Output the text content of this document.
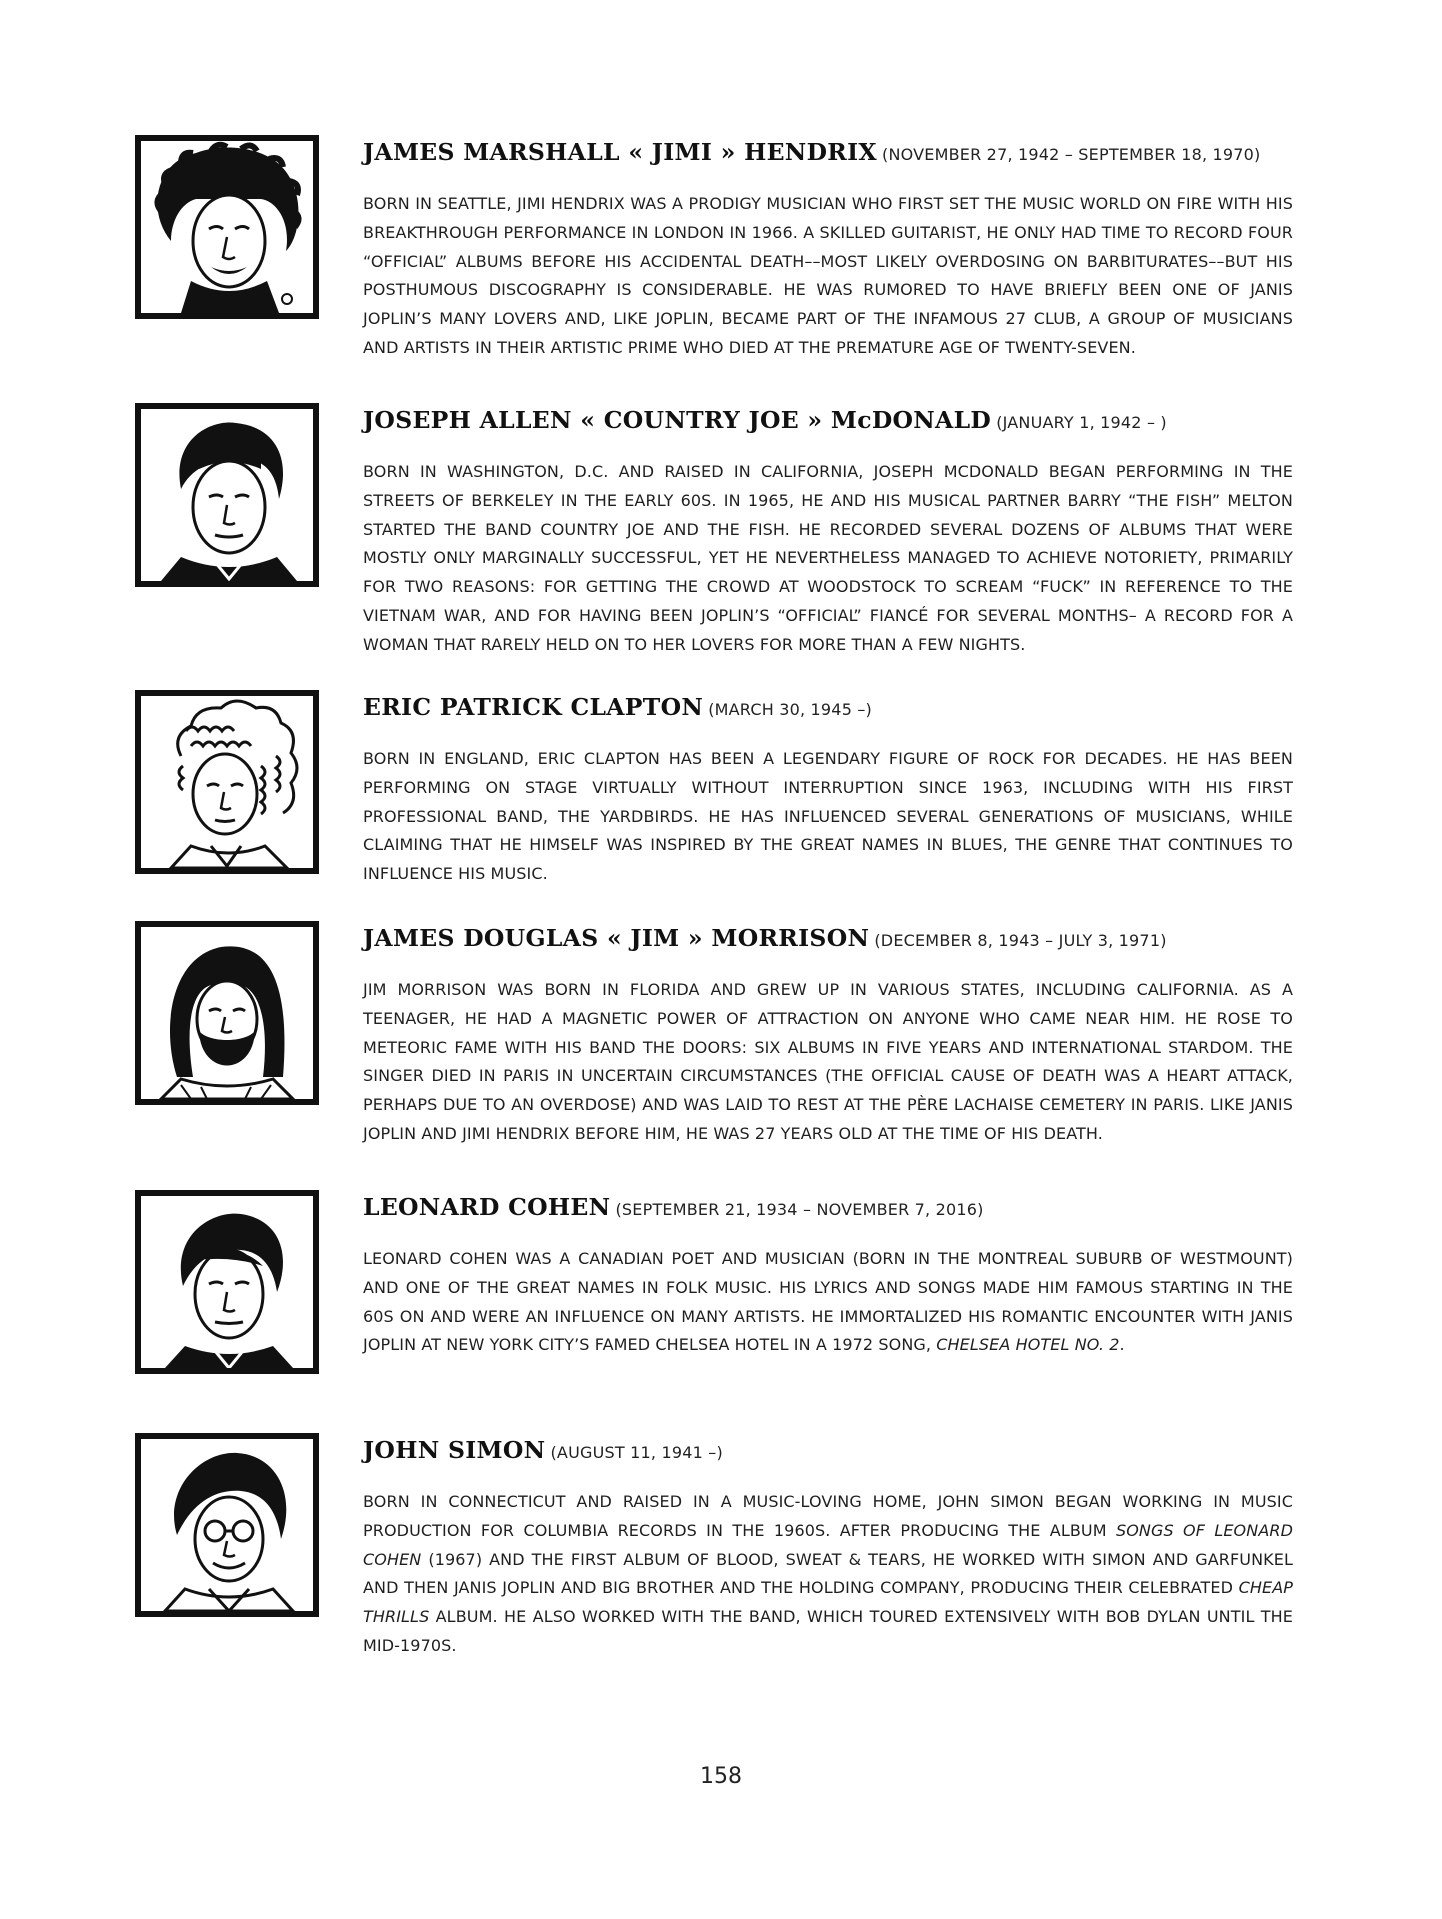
JAMES MARSHALL « JIMI » HENDRIX (NOVEMBER 27, 1942 – SEPTEMBER 18, 1970)

BORN IN SEATTLE, JIMI HENDRIX WAS A PRODIGY MUSICIAN WHO FIRST SET THE MUSIC WORLD ON FIRE WITH HIS BREAKTHROUGH PERFORMANCE IN LONDON IN 1966. A SKILLED GUITARIST, HE ONLY HAD TIME TO RECORD FOUR “OFFICIAL” ALBUMS BEFORE HIS ACCIDENTAL DEATH––MOST LIKELY OVERDOSING ON BARBITURATES––BUT HIS POSTHUMOUS DISCOGRAPHY IS CONSIDERABLE. HE WAS RUMORED TO HAVE BRIEFLY BEEN ONE OF JANIS JOPLIN’S MANY LOVERS AND, LIKE JOPLIN, BECAME PART OF THE INFAMOUS 27 CLUB, A GROUP OF MUSICIANS AND ARTISTS IN THEIR ARTISTIC PRIME WHO DIED AT THE PREMATURE AGE OF TWENTY-SEVEN.

JOSEPH ALLEN « COUNTRY JOE » McDONALD (JANUARY 1, 1942 – )

BORN IN WASHINGTON, D.C. AND RAISED IN CALIFORNIA, JOSEPH MCDONALD BEGAN PERFORMING IN THE STREETS OF BERKELEY IN THE EARLY 60S. IN 1965, HE AND HIS MUSICAL PARTNER BARRY “THE FISH” MELTON STARTED THE BAND COUNTRY JOE AND THE FISH. HE RECORDED SEVERAL DOZENS OF ALBUMS THAT WERE MOSTLY ONLY MARGINALLY SUCCESSFUL, YET HE NEVERTHELESS MANAGED TO ACHIEVE NOTORIETY, PRIMARILY FOR TWO REASONS: FOR GETTING THE CROWD AT WOODSTOCK TO SCREAM “FUCK” IN REFERENCE TO THE VIETNAM WAR, AND FOR HAVING BEEN JOPLIN’S “OFFICIAL” FIANCÉ FOR SEVERAL MONTHS– A RECORD FOR A WOMAN THAT RARELY HELD ON TO HER LOVERS FOR MORE THAN A FEW NIGHTS.

ERIC PATRICK CLAPTON (MARCH 30, 1945 –)

BORN IN ENGLAND, ERIC CLAPTON HAS BEEN A LEGENDARY FIGURE OF ROCK FOR DECADES. HE HAS BEEN PERFORMING ON STAGE VIRTUALLY WITHOUT INTERRUPTION SINCE 1963, INCLUDING WITH HIS FIRST PROFESSIONAL BAND, THE YARDBIRDS. HE HAS INFLUENCED SEVERAL GENERATIONS OF MUSICIANS, WHILE CLAIMING THAT HE HIMSELF WAS INSPIRED BY THE GREAT NAMES IN BLUES, THE GENRE THAT CONTINUES TO INFLUENCE HIS MUSIC.

JAMES DOUGLAS « JIM » MORRISON (DECEMBER 8, 1943 – JULY 3, 1971)

JIM MORRISON WAS BORN IN FLORIDA AND GREW UP IN VARIOUS STATES, INCLUDING CALIFORNIA. AS A TEENAGER, HE HAD A MAGNETIC POWER OF ATTRACTION ON ANYONE WHO CAME NEAR HIM. HE ROSE TO METEORIC FAME WITH HIS BAND THE DOORS: SIX ALBUMS IN FIVE YEARS AND INTERNATIONAL STARDOM. THE SINGER DIED IN PARIS IN UNCERTAIN CIRCUMSTANCES (THE OFFICIAL CAUSE OF DEATH WAS A HEART ATTACK, PERHAPS DUE TO AN OVERDOSE) AND WAS LAID TO REST AT THE PÈRE LACHAISE CEMETERY IN PARIS. LIKE JANIS JOPLIN AND JIMI HENDRIX BEFORE HIM, HE WAS 27 YEARS OLD AT THE TIME OF HIS DEATH.

LEONARD COHEN (SEPTEMBER 21, 1934 – NOVEMBER 7, 2016)

LEONARD COHEN WAS A CANADIAN POET AND MUSICIAN (BORN IN THE MONTREAL SUBURB OF WESTMOUNT) AND ONE OF THE GREAT NAMES IN FOLK MUSIC. HIS LYRICS AND SONGS MADE HIM FAMOUS STARTING IN THE 60S ON AND WERE AN INFLUENCE ON MANY ARTISTS. HE IMMORTALIZED HIS ROMANTIC ENCOUNTER WITH JANIS JOPLIN AT NEW YORK CITY’S FAMED CHELSEA HOTEL IN A 1972 SONG, CHELSEA HOTEL NO. 2.

JOHN SIMON (AUGUST 11, 1941 –)

BORN IN CONNECTICUT AND RAISED IN A MUSIC-LOVING HOME, JOHN SIMON BEGAN WORKING IN MUSIC PRODUCTION FOR COLUMBIA RECORDS IN THE 1960S. AFTER PRODUCING THE ALBUM SONGS OF LEONARD COHEN (1967) AND THE FIRST ALBUM OF BLOOD, SWEAT & TEARS, HE WORKED WITH SIMON AND GARFUNKEL AND THEN JANIS JOPLIN AND BIG BROTHER AND THE HOLDING COMPANY, PRODUCING THEIR CELEBRATED CHEAP THRILLS ALBUM. HE ALSO WORKED WITH THE BAND, WHICH TOURED EXTENSIVELY WITH BOB DYLAN UNTIL THE MID-1970S.

158
